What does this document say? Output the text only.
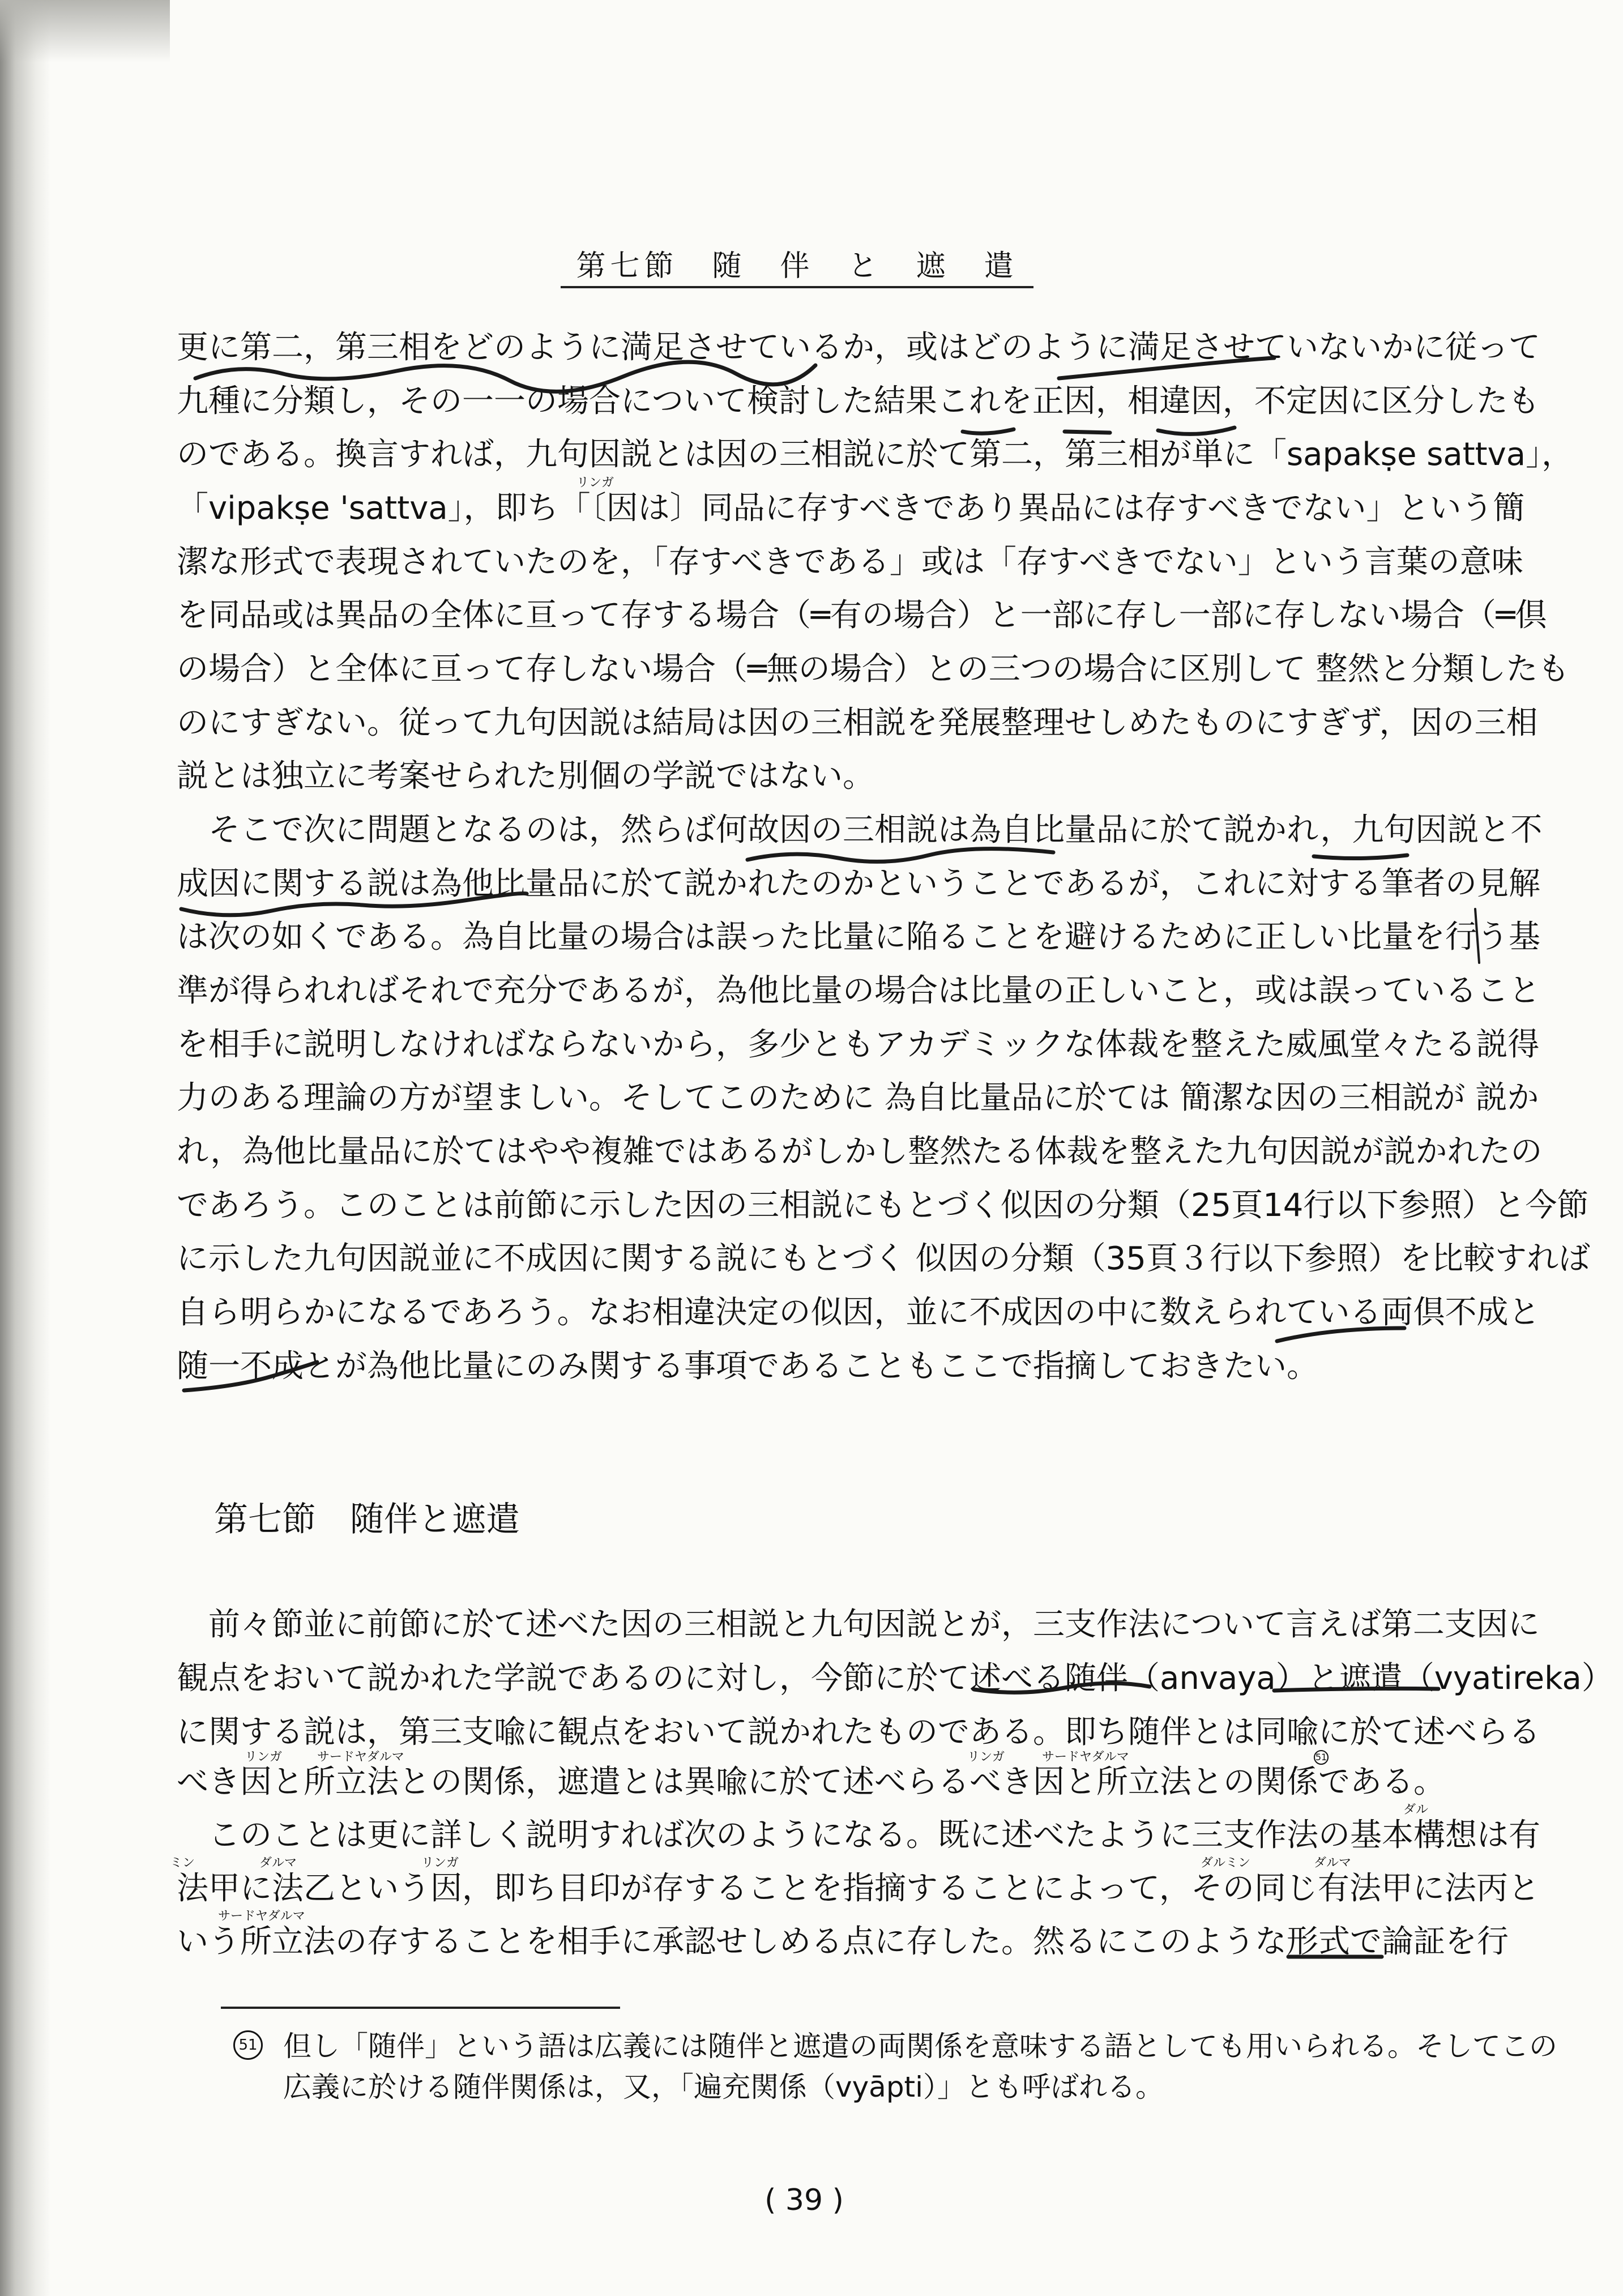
第七節　随　伴　と　遮　遣
更に第二，第三相をどのように満足させているか，或はどのように満足させていないかに従って
九種に分類し，その一一の場合について検討した結果これを正因，相違因，不定因に区分したも
のである。換言すれば，九句因説とは因の三相説に於て第二，第三相が単に「sapakṣe sattva」，
「vipakṣe 'sattva」，即ち「〔因は〕同品に存すべきであり異品には存すべきでない」という簡
潔な形式で表現されていたのを，「存すべきである」或は「存すべきでない」という言葉の意味
を同品或は異品の全体に亘って存する場合（═有の場合）と一部に存し一部に存しない場合（═倶
の場合）と全体に亘って存しない場合（═無の場合）との三つの場合に区別して 整然と分類したも
のにすぎない。従って九句因説は結局は因の三相説を発展整理せしめたものにすぎず，因の三相
説とは独立に考案せられた別個の学説ではない。
　そこで次に問題となるのは，然らば何故因の三相説は為自比量品に於て説かれ，九句因説と不
成因に関する説は為他比量品に於て説かれたのかということであるが，これに対する筆者の見解
は次の如くである。為自比量の場合は誤った比量に陥ることを避けるために正しい比量を行う基
準が得られればそれで充分であるが，為他比量の場合は比量の正しいこと，或は誤っていること
を相手に説明しなければならないから，多少ともアカデミックな体裁を整えた威風堂々たる説得
力のある理論の方が望ましい。そしてこのために 為自比量品に於ては 簡潔な因の三相説が 説か
れ，為他比量品に於てはやや複雑ではあるがしかし整然たる体裁を整えた九句因説が説かれたの
であろう。このことは前節に示した因の三相説にもとづく似因の分類（25頁14行以下参照）と今節
に示した九句因説並に不成因に関する説にもとづく 似因の分類（35頁３行以下参照）を比較すれば
自ら明らかになるであろう。なお相違決定の似因，並に不成因の中に数えられている両倶不成と
随一不成とが為他比量にのみ関する事項であることもここで指摘しておきたい。
第七節　随伴と遮遣
　前々節並に前節に於て述べた因の三相説と九句因説とが，三支作法について言えば第二支因に
観点をおいて説かれた学説であるのに対し，今節に於て述べる随伴（anvaya）と遮遣（vyatireka）
に関する説は，第三支喩に観点をおいて説かれたものである。即ち随伴とは同喩に於て述べらる
べき因と所立法との関係，遮遣とは異喩に於て述べらるべき因と所立法との関係である。
　このことは更に詳しく説明すれば次のようになる。既に述べたように三支作法の基本構想は有
法甲に法乙という因，即ち目印が存することを指摘することによって，その同じ有法甲に法丙と
いう所立法の存することを相手に承認せしめる点に存した。然るにこのような形式で論証を行
リンガ
リンガ	サードヤダルマ	リンガ	サードヤダルマ
ダル
ミン	ダルマ	リンガ	ダルミン	ダルマ
サードヤダルマ
51
51 但し「随伴」という語は広義には随伴と遮遣の両関係を意味する語としても用いられる。そしてこの
広義に於ける随伴関係は，又，「遍充関係（vyāpti）」とも呼ばれる。
( 39 )
